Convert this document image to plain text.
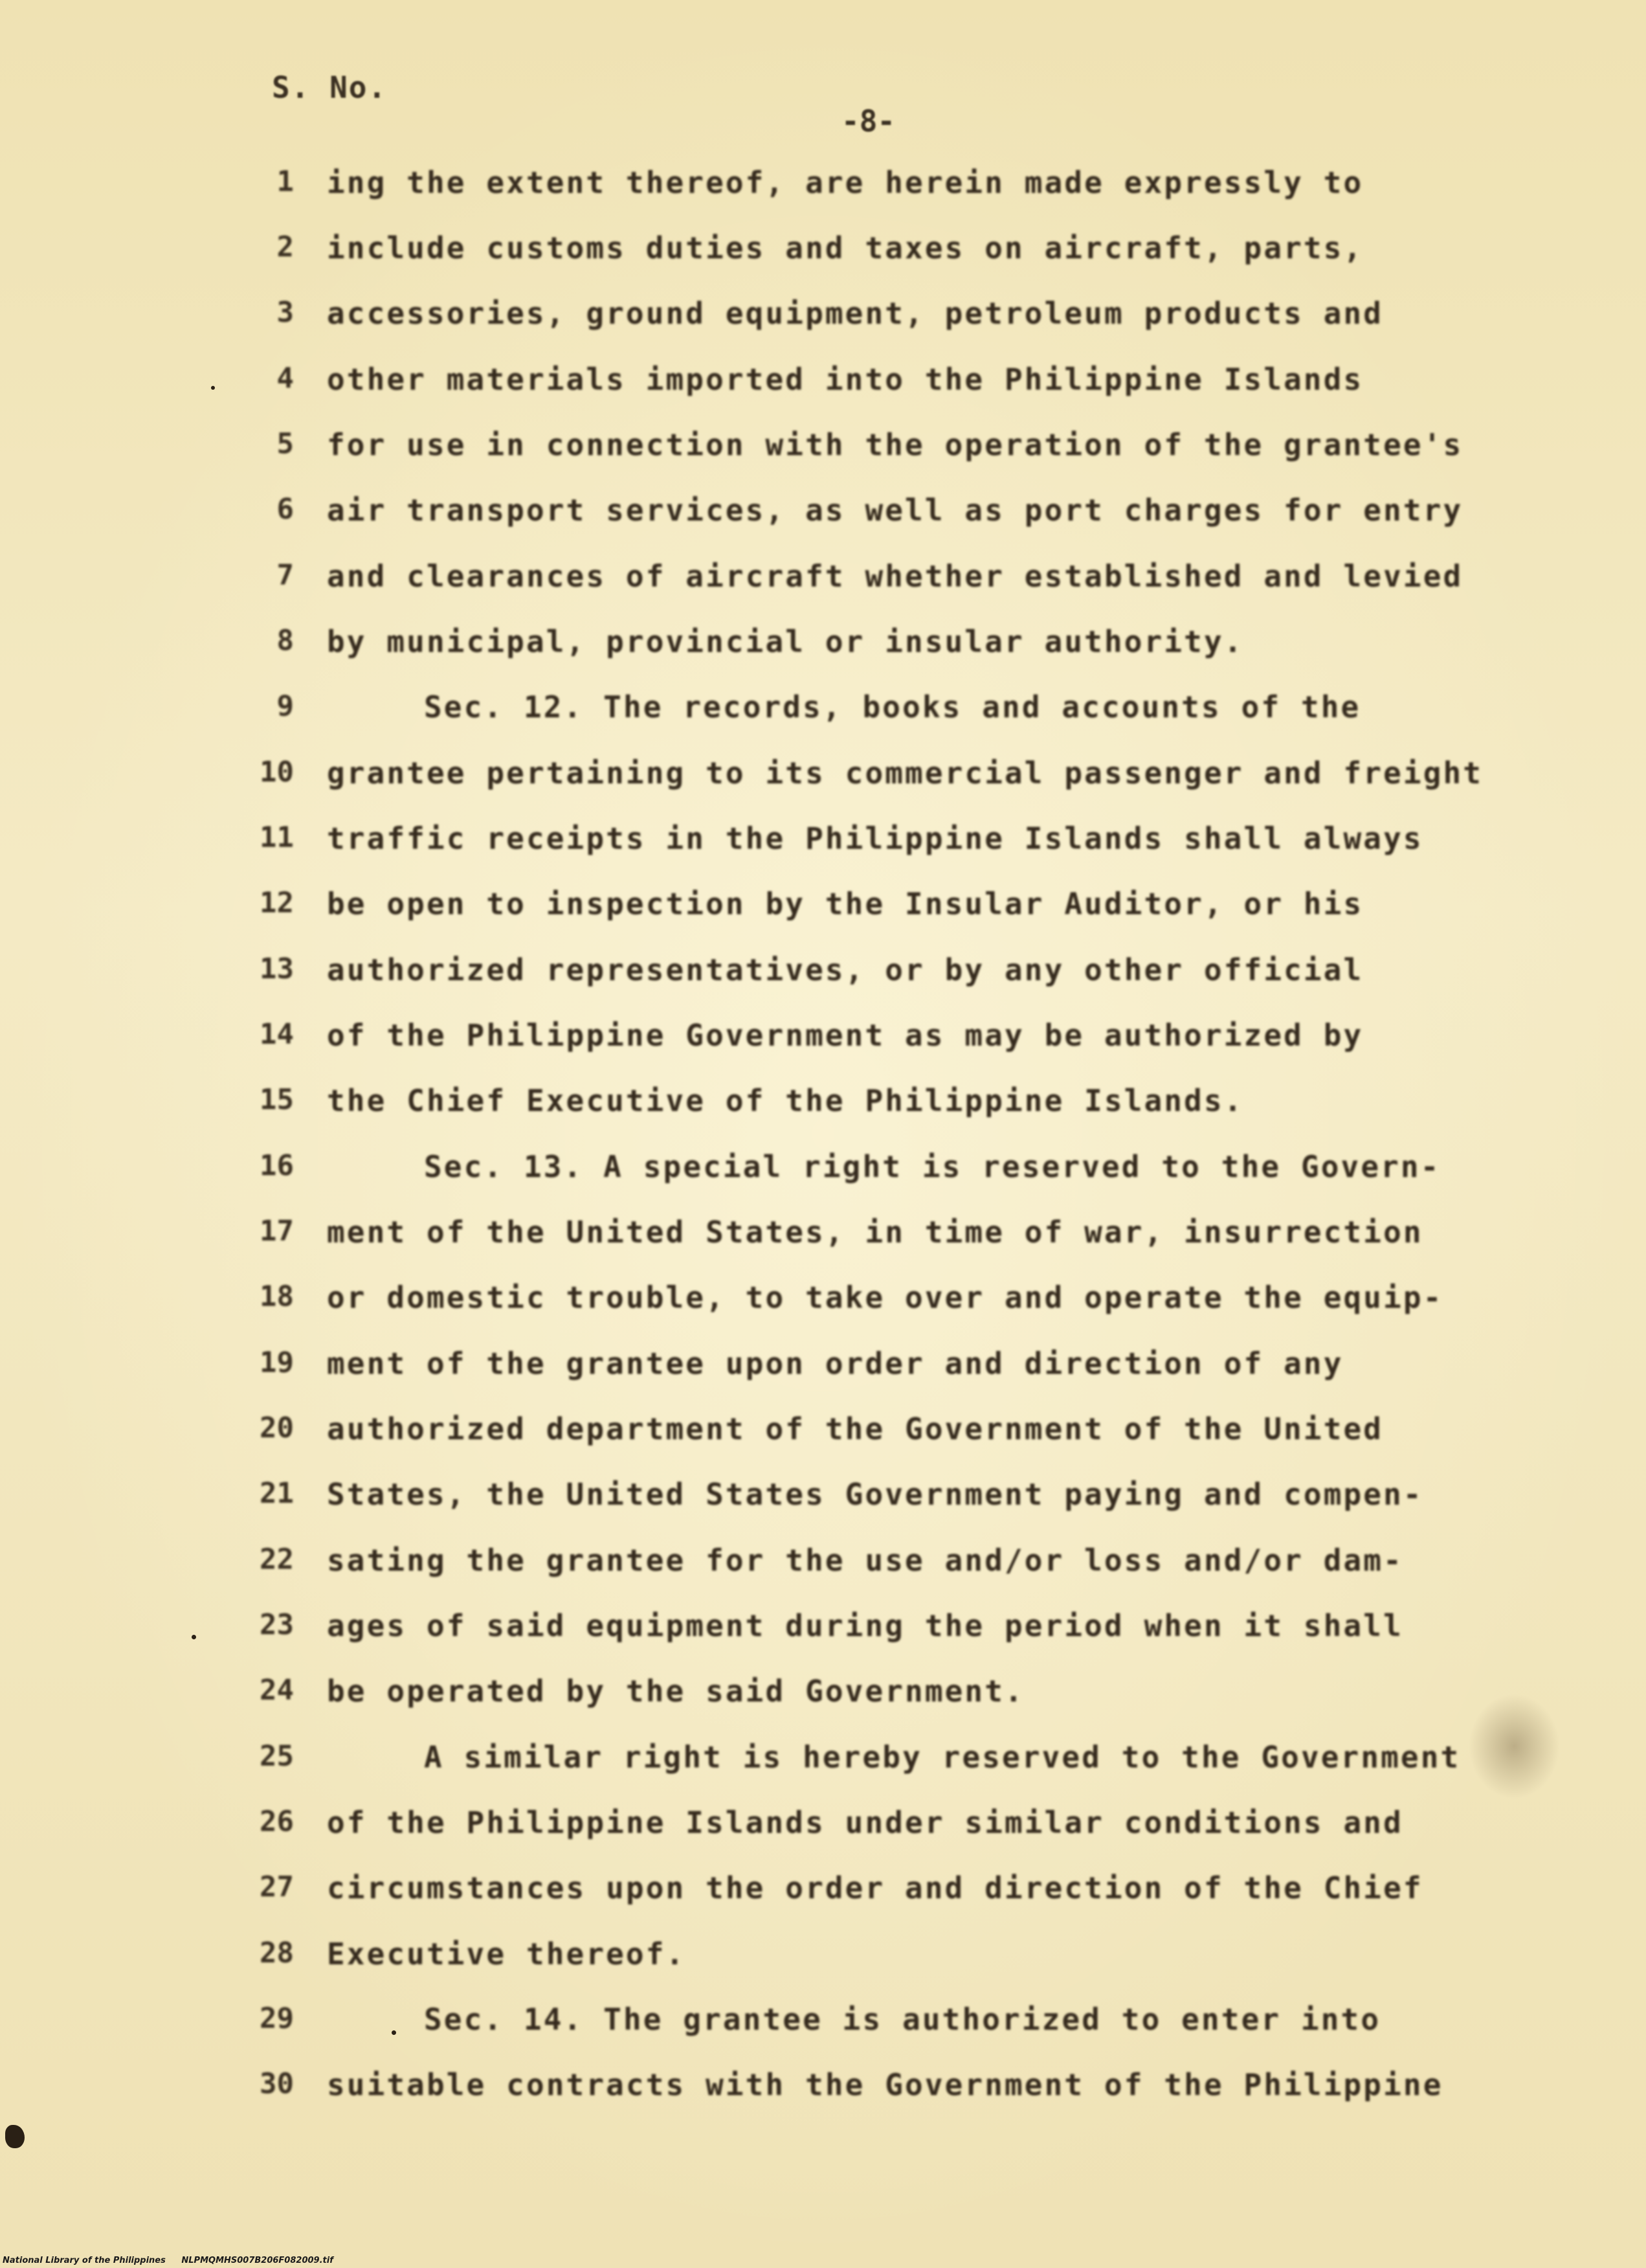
S. No.
-8-
1 ing the extent thereof, are herein made expressly to
2 include customs duties and taxes on aircraft, parts,
3 accessories, ground equipment, petroleum products and
4 other materials imported into the Philippine Islands
5 for use in connection with the operation of the grantee's
6 air transport services, as well as port charges for entry
7 and clearances of aircraft whether established and levied
8 by municipal, provincial or insular authority.
9	Sec. 12. The records, books and accounts of the
10 grantee pertaining to its commercial passenger and freight
11 traffic receipts in the Philippine Islands shall always
12 be open to inspection by the Insular Auditor, or his
13 authorized representatives, or by any other official
14 of the Philippine Government as may be authorized by
15 the Chief Executive of the Philippine Islands.
16	Sec. 13. A special right is reserved to the Govern-
17 ment of the United States, in time of war, insurrection
18 or domestic trouble, to take over and operate the equip-
19 ment of the grantee upon order and direction of any
20 authorized department of the Government of the United
21 States, the United States Government paying and compen-
22 sating the grantee for the use and/or loss and/or dam-
23 ages of said equipment during the period when it shall
24 be operated by the said Government.
25	A similar right is hereby reserved to the Government
26 of the Philippine Islands under similar conditions and
27 circumstances upon the order and direction of the Chief
28 Executive thereof.
29	Sec. 14. The grantee is authorized to enter into
30 suitable contracts with the Government of the Philippine
National Library of the Philippines NLPMQMHS007B206F082009.tif
